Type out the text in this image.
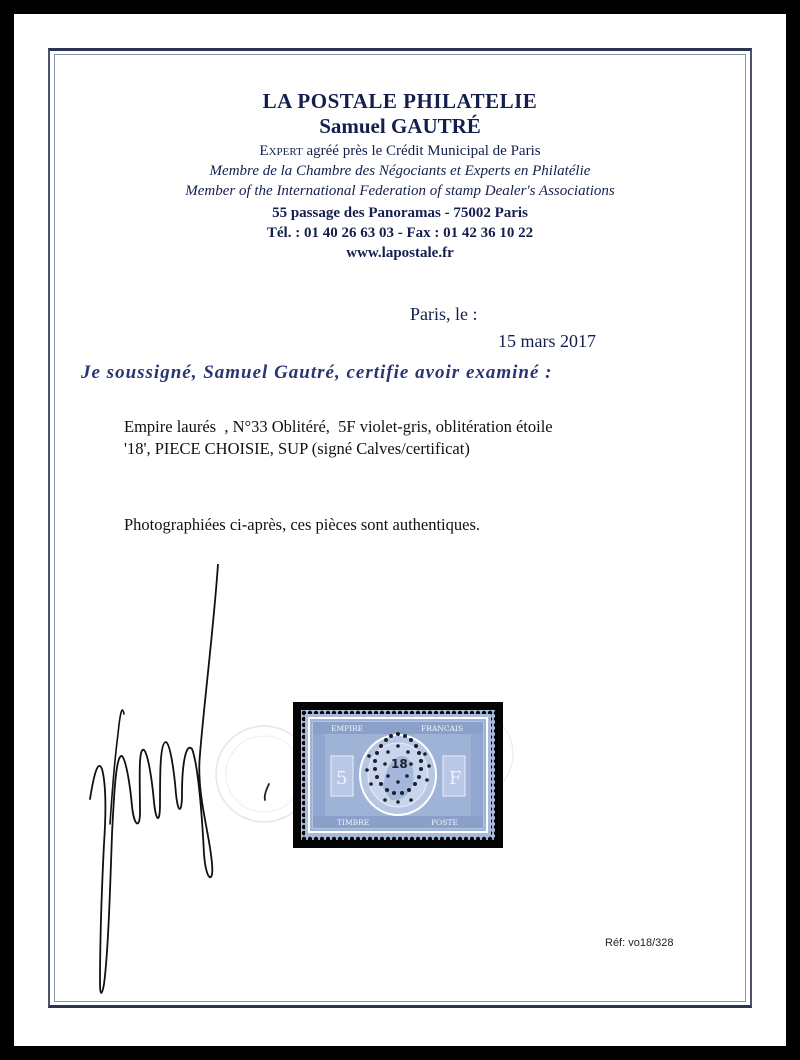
LA POSTALE PHILATELIE
Samuel GAUTRÉ
Expert agréé près le Crédit Municipal de Paris
Membre de la Chambre des Négociants et Experts en Philatélie
Member of the International Federation of stamp Dealer's Associations
55 passage des Panoramas - 75002 Paris
Tél. : 01 40 26 63 03 - Fax : 01 42 36 10 22
www.lapostale.fr
Paris, le :
15 mars 2017
Je soussigné, Samuel Gautré, certifie avoir examiné :
Empire laurés  , N°33 Oblitéré,  5F violet-gris, oblitération étoile
'18', PIECE CHOISIE, SUP (signé Calves/certificat)
Photographiées ci-après, ces pièces sont authentiques.
EMPIRE	FRANCAIS
TIMBRE	POSTE
5	F
18
Réf: vo18/328
